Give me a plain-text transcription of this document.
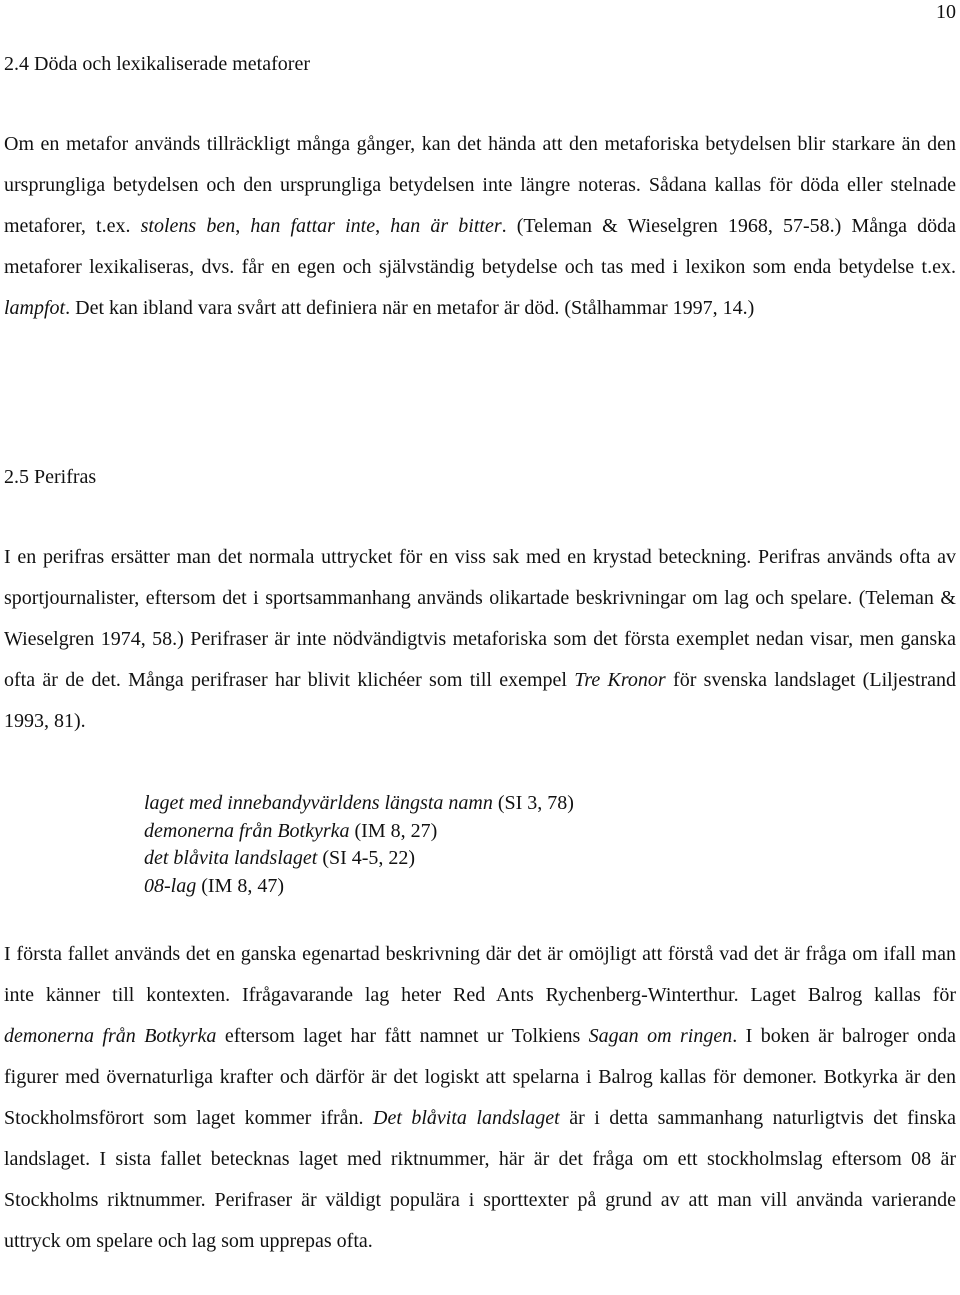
10
2.4 Döda och lexikaliserade metaforer

Om en metafor används tillräckligt många gånger, kan det hända att den metaforiska betydelsen blir starkare än den ursprungliga betydelsen och den ursprungliga betydelsen inte längre noteras. Sådana kallas för döda eller stelnade metaforer, t.ex. stolens ben, han fattar inte, han är bitter. (Teleman & Wieselgren 1968, 57-58.) Många döda metaforer lexikaliseras, dvs. får en egen och självständig betydelse och tas med i lexikon som enda betydelse t.ex. lampfot. Det kan ibland vara svårt att definiera när en metafor är död. (Stålhammar 1997, 14.)

2.5 Perifras

I en perifras ersätter man det normala uttrycket för en viss sak med en krystad beteckning. Perifras används ofta av sportjournalister, eftersom det i sportsammanhang används olikartade beskrivningar om lag och spelare. (Teleman & Wieselgren 1974, 58.) Perifraser är inte nödvändigtvis metaforiska som det första exemplet nedan visar, men ganska ofta är de det. Många perifraser har blivit klichéer som till exempel Tre Kronor för svenska landslaget (Liljestrand 1993, 81).

laget med innebandyvärldens längsta namn (SI 3, 78)
demonerna från Botkyrka (IM 8, 27)
det blåvita landslaget (SI 4-5, 22)
08-lag (IM 8, 47)

I första fallet används det en ganska egenartad beskrivning där det är omöjligt att förstå vad det är fråga om ifall man inte känner till kontexten. Ifrågavarande lag heter Red Ants Rychenberg-Winterthur. Laget Balrog kallas för demonerna från Botkyrka eftersom laget har fått namnet ur Tolkiens Sagan om ringen. I boken är balroger onda figurer med övernaturliga krafter och därför är det logiskt att spelarna i Balrog kallas för demoner. Botkyrka är den Stockholmsförort som laget kommer ifrån. Det blåvita landslaget är i detta sammanhang naturligtvis det finska landslaget. I sista fallet betecknas laget med riktnummer, här är det fråga om ett stockholmslag eftersom 08 är Stockholms riktnummer. Perifraser är väldigt populära i sporttexter på grund av att man vill använda varierande uttryck om spelare och lag som upprepas ofta.
